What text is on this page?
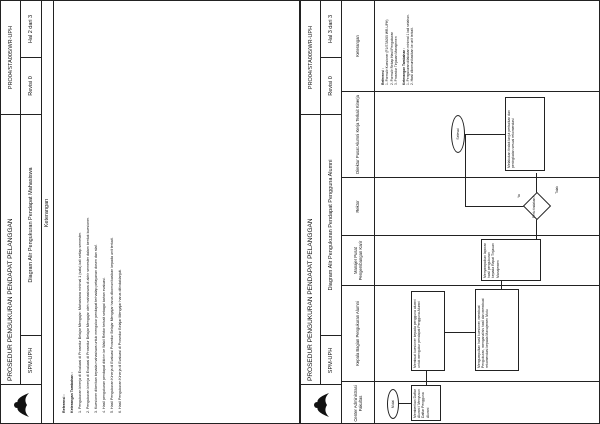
PROSEDUR PENGUKURAN PENDAPAT PELANGGAN
PRO04/STA005/WR-UPH
SPM-UPH
Diagram Alir Pengukuran Pendapat Mahasiswa
Revisi 0
Hal 2 dari 3
Keterangan

Referensi : Keterangan Tambahan : 1. Pengukuran kinerja di Evaluasi di Prosedur Belajar Mengajar: Mahasiswa minimal 1 (satu) kali setiap semester. 2. Pengukuran kinerja di Evaluasi di Prosedur Belajar Mengajar oleh mahasiswa di akhir semester dalam bentuk kuesioner. 3. Kuesioner diberikan kepada mahasiswa untuk mengukur pendapat terhadap pelayanan dosen dan staf. 4. Hasil pengukuran pendapat dikirim ke Wakil Rektor terkait sebagai bahan evaluasi. 5. Hasil Pengukuran Kinerja di Evaluasi Prosedur Belajar Mengajar harus dikomunikasikan kepada unit terkait. 6. Hasil Pengukuran Kinerja di Evaluasi di Prosedur Belajar Mengajar harus ditindaklanjuti.	PROSEDUR PENGUKURAN PENDAPAT PELANGGAN
PRO04/STA005/WR-UPH
SPM-UPH
Diagram Alir Pengukuran Pendapat Pengguna Alumni
Revisi 0
Hal 3 dari 3
Center Administrasi Fakultas
Kepala Bagian Pengukuran Alumni
Manajer Pusat Pengembangan Karir
Rektor
Direktur Pusat Alumni Kerja Terkait Kinerja
Keterangan
Mulai	Memberikan Daftar Alumni / Menyusun Daftar Pengguna Alumni
Membuat kuesioner kepada pengguna alumni untuk mengukur pendapat Pengguna Alumni	Mengumpulkan hasil kuesioner, membuat Pengukuran, menganalisis hasil dan membuat rekomendasi kepada Manajemen Mutu
Menyampaikan laporan hasil pengukuran kepada Rapat Tinjauan Manajemen
Perlu tindakan?
Ya
Tidak
Melakukan tindak lanjut perbaikan dan peningkatan sesuai rekomendasi
Selesai

Referensi : 1. Formulir Kuesioner (F1/STA005 WR-UPH) 2. Formulir Rekap Hasil Pengukuran 3. Prosedur Tinjauan Manajemen Keterangan Tambahan : 1. Pengukuran dilakukan minimal 1 kali setahun. 2. Hasil dikomunikasikan ke unit terkait.
